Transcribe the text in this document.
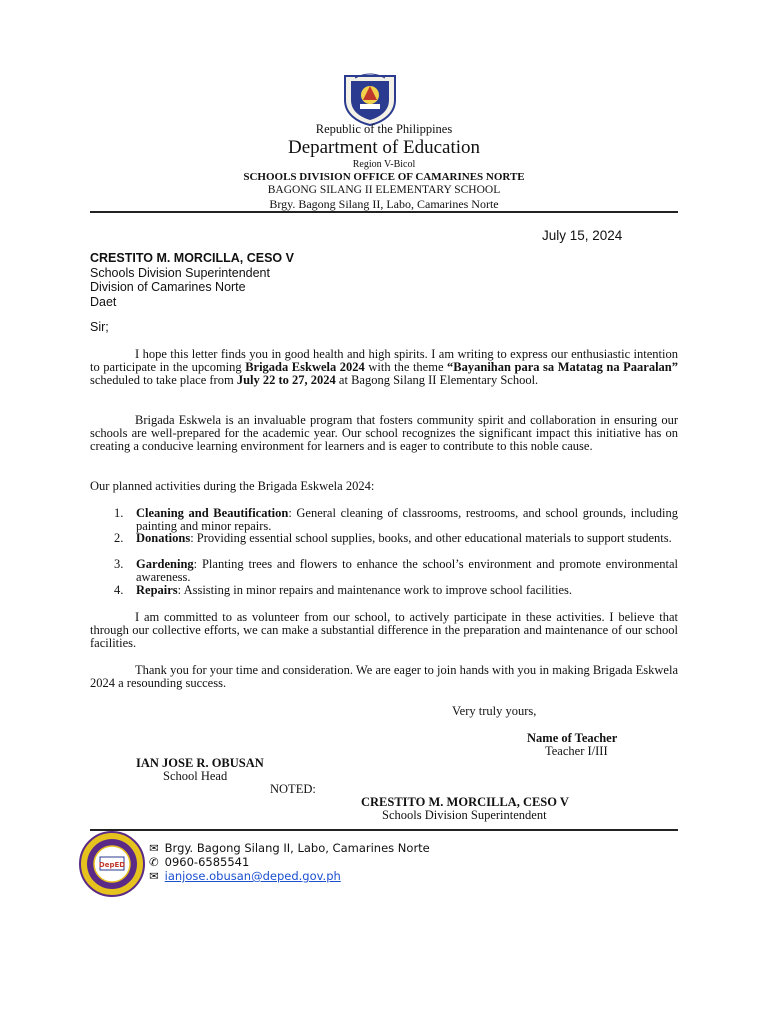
Republic of the Philippines
Department of Education
Region V-Bicol
SCHOOLS DIVISION OFFICE OF CAMARINES NORTE
BAGONG SILANG II ELEMENTARY SCHOOL
Brgy. Bagong Silang II, Labo, Camarines Norte
July 15, 2024
CRESTITO M. MORCILLA, CESO V
Schools Division Superintendent
Division of Camarines Norte
Daet
Sir;
I hope this letter finds you in good health and high spirits. I am writing to express our enthusiastic intention to participate in the upcoming Brigada Eskwela 2024 with the theme “Bayanihan para sa Matatag na Paaralan” scheduled to take place from July 22 to 27, 2024 at Bagong Silang II Elementary School.
Brigada Eskwela is an invaluable program that fosters community spirit and collaboration in ensuring our schools are well-prepared for the academic year. Our school recognizes the significant impact this initiative has on creating a conducive learning environment for learners and is eager to contribute to this noble cause.
Our planned activities during the Brigada Eskwela 2024:
1. Cleaning and Beautification: General cleaning of classrooms, restrooms, and school grounds, including painting and minor repairs.
2. Donations: Providing essential school supplies, books, and other educational materials to support students.
3. Gardening: Planting trees and flowers to enhance the school’s environment and promote environmental awareness.
4. Repairs: Assisting in minor repairs and maintenance work to improve school facilities.
I am committed to as volunteer from our school, to actively participate in these activities. I believe that through our collective efforts, we can make a substantial difference in the preparation and maintenance of our school facilities.
Thank you for your time and consideration. We are eager to join hands with you in making Brigada Eskwela 2024 a resounding success.
Very truly yours,
Name of Teacher
Teacher I/III
IAN JOSE R. OBUSAN
School Head
NOTED:
CRESTITO M. MORCILLA, CESO V
Schools Division Superintendent
DepED
✉ Brgy. Bagong Silang II, Labo, Camarines Norte
✆ 0960-6585541
✉ ianjose.obusan@deped.gov.ph
